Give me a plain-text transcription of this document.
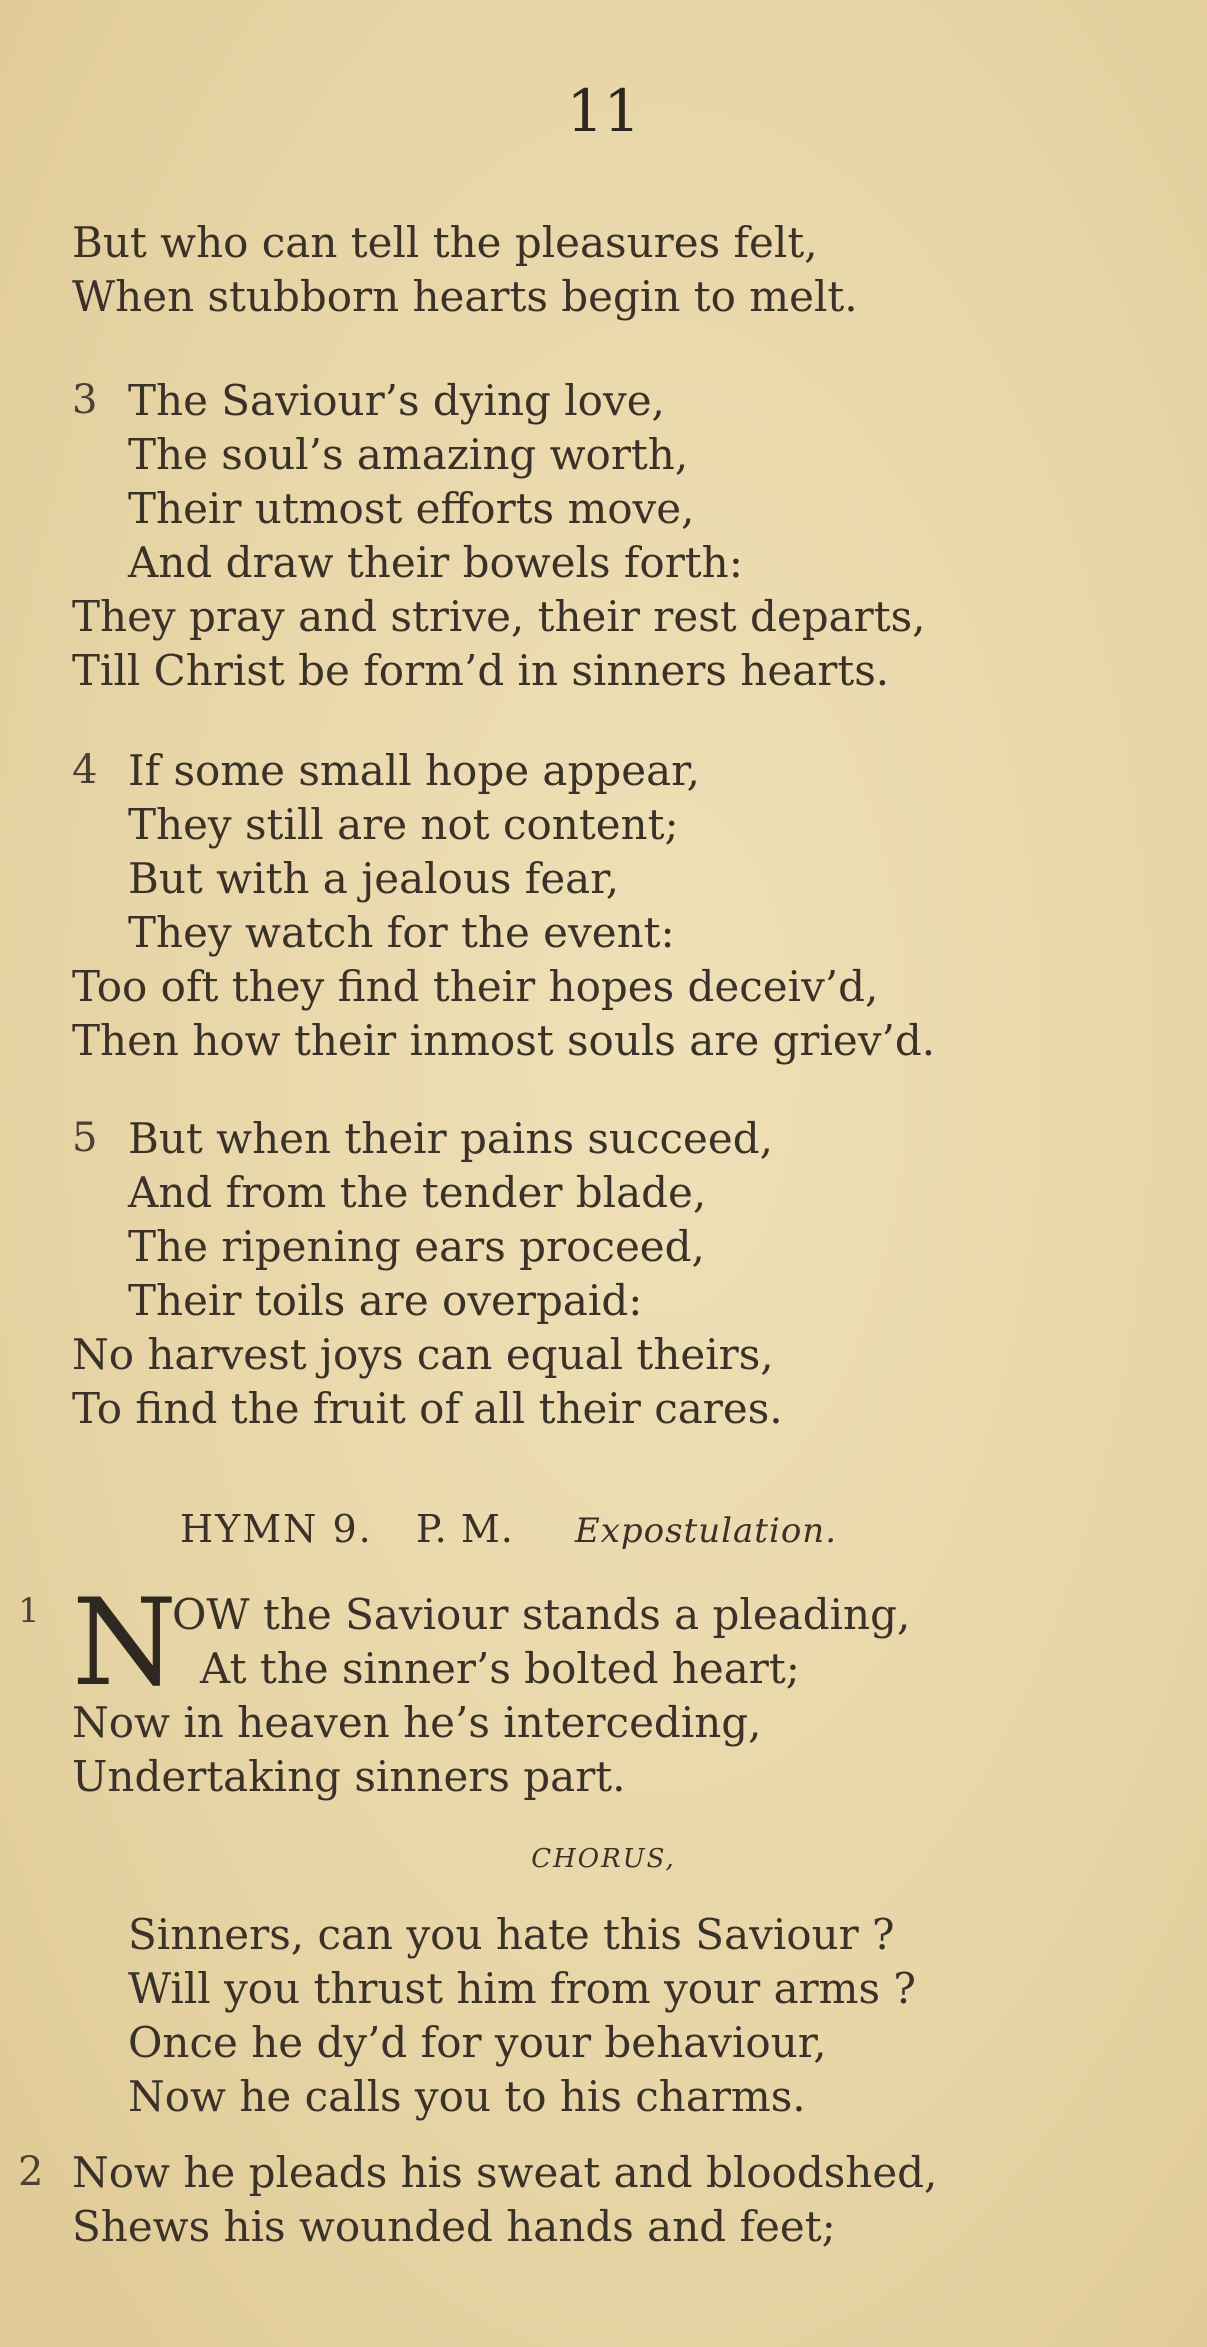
11
But who can tell the pleasures felt,
When stubborn hearts begin to melt.
3 The Saviour’s dying love,
The soul’s amazing worth,
Their utmost efforts move,
And draw their bowels forth:
They pray and strive, their rest departs,
Till Christ be form’d in sinners hearts.
4 If some small hope appear,
They still are not content;
But with a jealous fear,
They watch for the event:
Too oft they find their hopes deceiv’d,
Then how their inmost souls are griev’d.
5 But when their pains succeed,
And from the tender blade,
The ripening ears proceed,
Their toils are overpaid:
No harvest joys can equal theirs,
To find the fruit of all their cares.
HYMN 9. P. M. Expostulation.
1 N
OW the Saviour stands a pleading,
At the sinner’s bolted heart;
Now in heaven he’s interceding,
Undertaking sinners part.
CHORUS,
Sinners, can you hate this Saviour ?
Will you thrust him from your arms ?
Once he dy’d for your behaviour,
Now he calls you to his charms.
2 Now he pleads his sweat and bloodshed,
Shews his wounded hands and feet;
